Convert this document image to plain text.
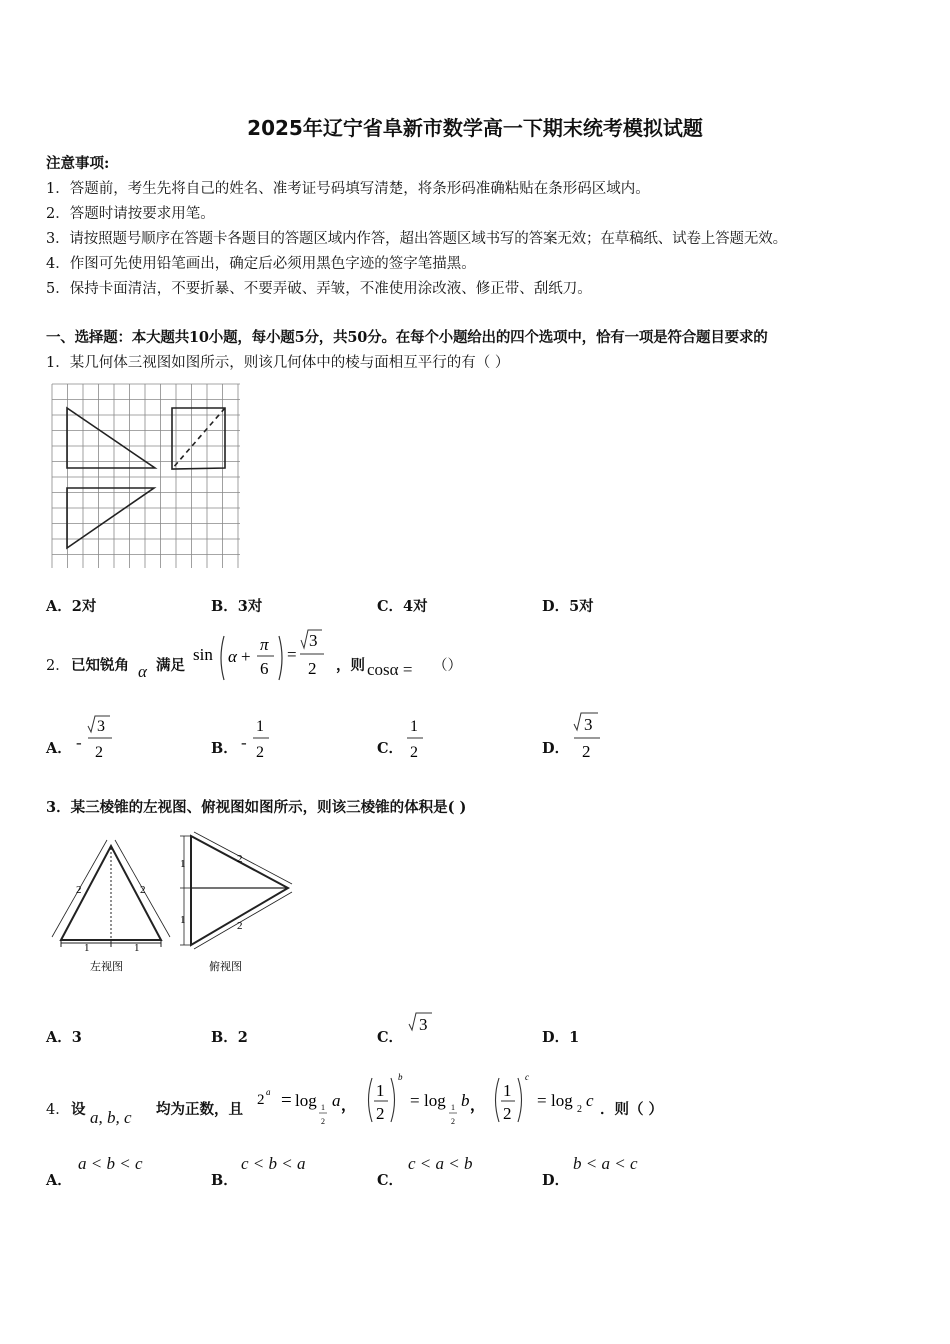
2025年辽宁省阜新市数学高一下期末统考模拟试题
注意事项:
1．答题前，考生先将自己的姓名、准考证号码填写清楚，将条形码准确粘贴在条形码区域内。
2．答题时请按要求用笔。
3．请按照题号顺序在答题卡各题目的答题区域内作答，超出答题区域书写的答案无效；在草稿纸、试卷上答题无效。
4．作图可先使用铅笔画出，确定后必须用黑色字迹的签字笔描黑。
5．保持卡面清洁，不要折暴、不要弄破、弄皱，不准使用涂改液、修正带、刮纸刀。
一、选择题：本大题共10小题，每小题5分，共50分。在每个小题给出的四个选项中，恰有一项是符合题目要求的
1．某几何体三视图如图所示，则该几何体中的棱与面相互平行的有（ ）
A．2对	B．3对	C．4对	D．5对
2． 已知锐角 α 满足
sin α +
π
6
=
3
2 ，则 cosα = （）
A． -
3
2	B． -
1
2	C．
1
2	D．
3
2
3．某三棱锥的左视图、俯视图如图所示，则该三棱锥的体积是( )
2	2
1	1
左视图
2
2
1
1
俯视图
A．3	B．2	C．
3
D．1
4． 设 a, b, c 均为正数，且
2 a = log 1
2
a ，
1
2
b
= log 1
2
b ，
1
2
c
= log 2 c ．则（ ）
A．
a < b < c
B．
c < b < a
C．
c < a < b
D．
b < a < c
